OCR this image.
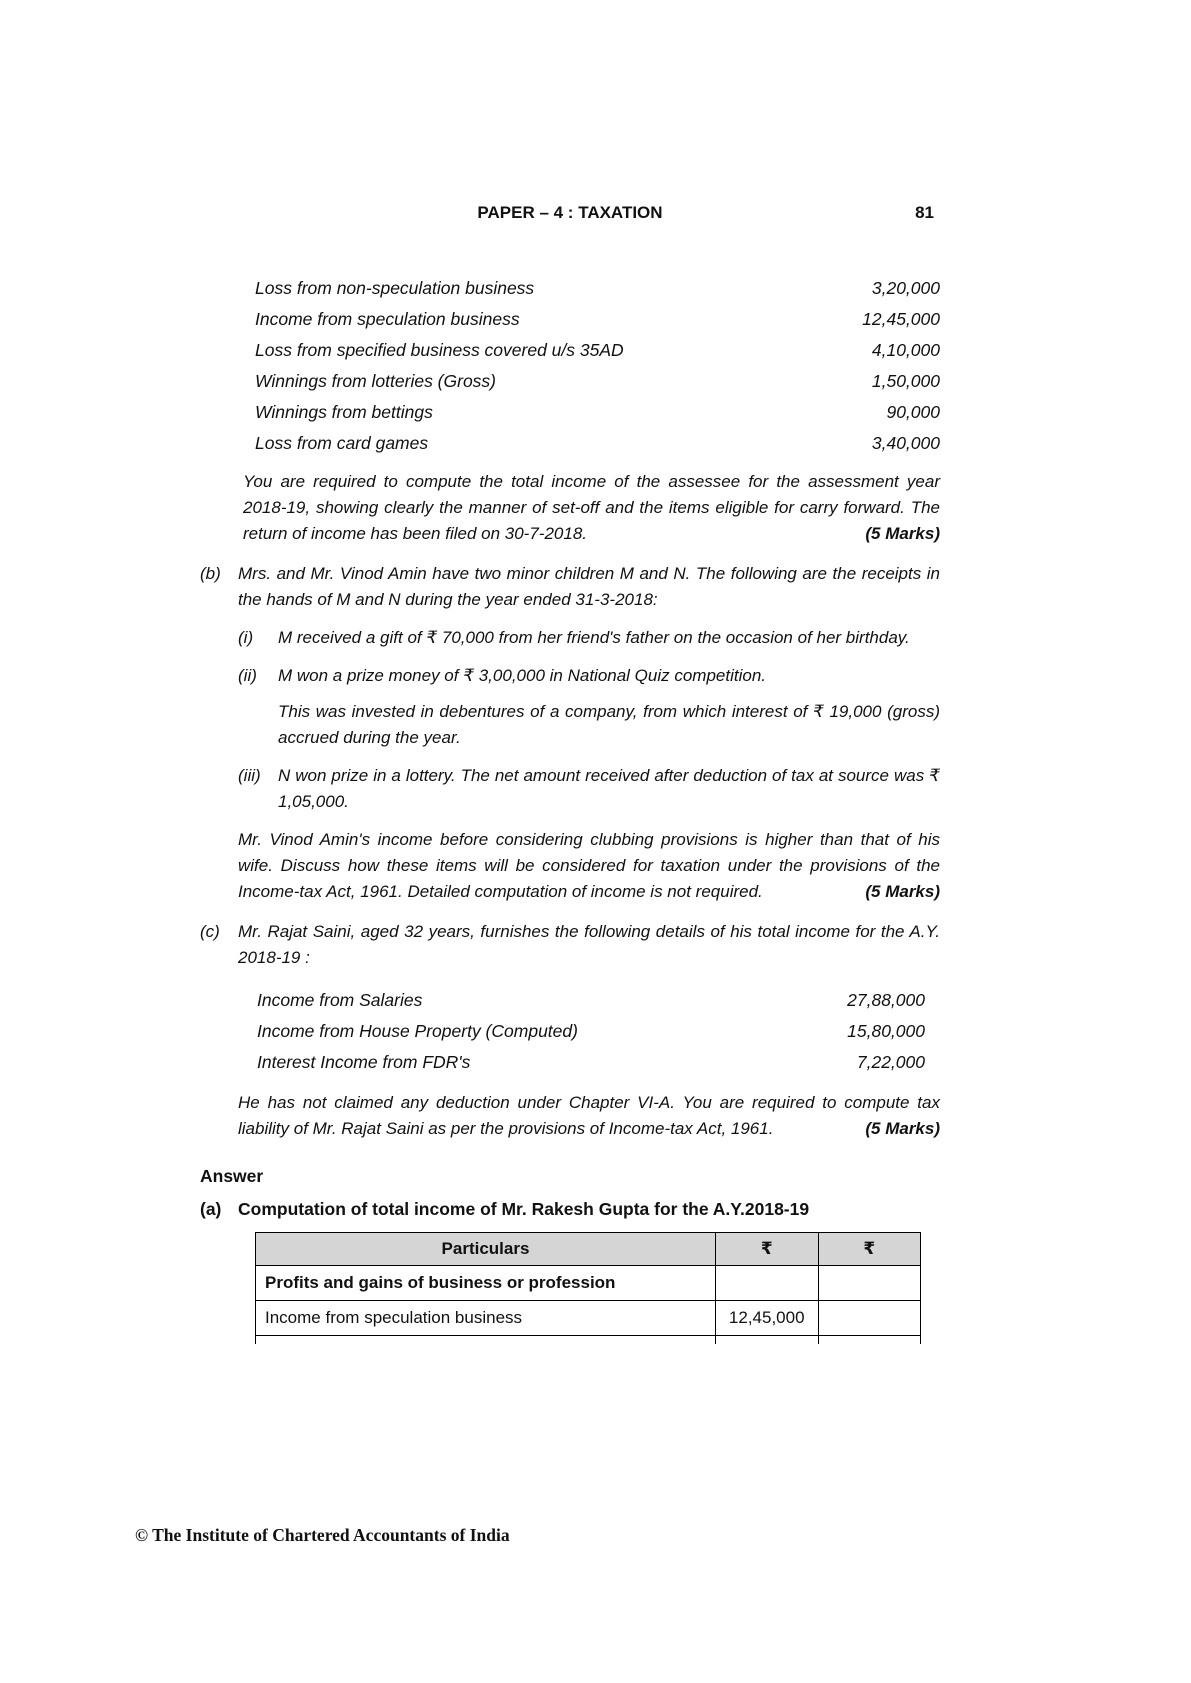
PAPER – 4 : TAXATION	81
Loss from non-speculation business	3,20,000
Income from speculation business	12,45,000
Loss from specified business covered u/s 35AD	4,10,000
Winnings from lotteries (Gross)	1,50,000
Winnings from bettings	90,000
Loss from card games	3,40,000

You are required to compute the total income of the assessee for the assessment year 2018-19, showing clearly the manner of set-off and the items eligible for carry forward. The return of income has been filed on 30-7-2018.	(5 Marks)

(b)	Mrs. and Mr. Vinod Amin have two minor children M and N. The following are the receipts in the hands of M and N during the year ended 31-3-2018:

(i)	M received a gift of ₹ 70,000 from her friend's father on the occasion of her birthday.

(ii)	M won a prize money of ₹ 3,00,000 in National Quiz competition.

This was invested in debentures of a company, from which interest of ₹ 19,000 (gross) accrued during the year.

(iii)	N won prize in a lottery. The net amount received after deduction of tax at source was ₹ 1,05,000.

Mr. Vinod Amin's income before considering clubbing provisions is higher than that of his wife. Discuss how these items will be considered for taxation under the provisions of the Income-tax Act, 1961. Detailed computation of income is not required.	(5 Marks)

(c)	Mr. Rajat Saini, aged 32 years, furnishes the following details of his total income for the A.Y. 2018-19 :

Income from Salaries	27,88,000
Income from House Property (Computed)	15,80,000
Interest Income from FDR's	7,22,000

He has not claimed any deduction under Chapter VI-A. You are required to compute tax liability of Mr. Rajat Saini as per the provisions of Income-tax Act, 1961.	(5 Marks)

Answer
(a) Computation of total income of Mr. Rakesh Gupta for the A.Y.2018-19
Particulars	₹	₹
Profits and gains of business or profession		
Income from speculation business	12,45,000	

© The Institute of Chartered Accountants of India
